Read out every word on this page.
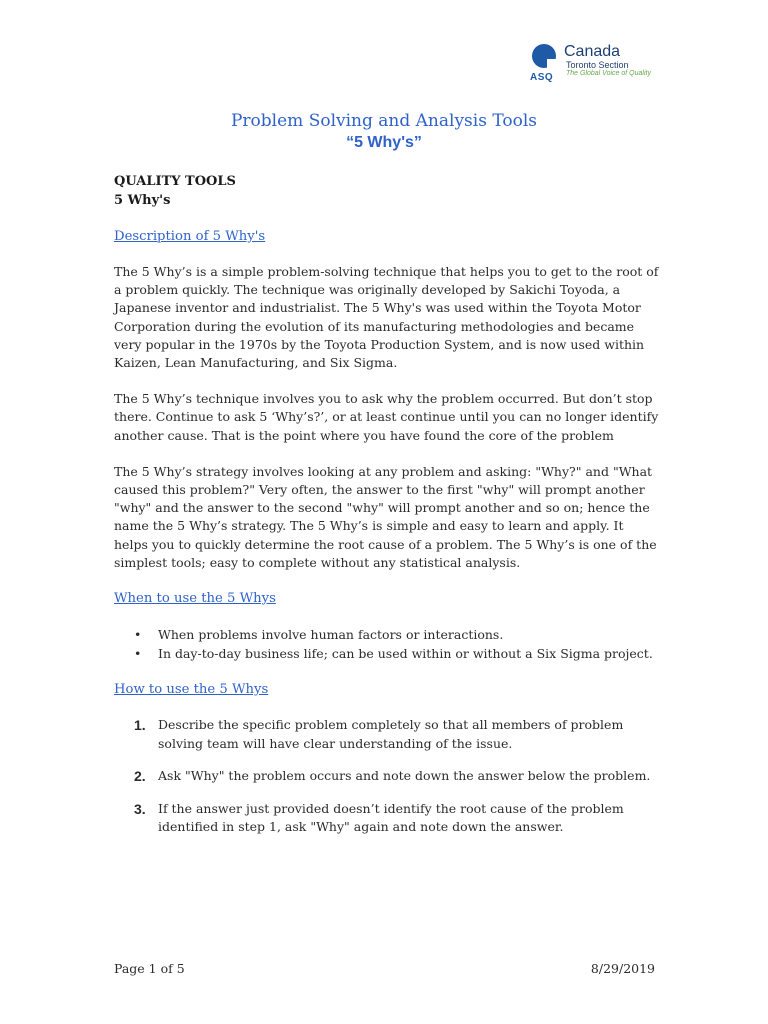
ASQ
Canada
Toronto Section
The Global Voice of Quality
Problem Solving and Analysis Tools
“5 Why's”
QUALITY TOOLS
5 Why's
Description of 5 Why's

The 5 Why’s is a simple problem-solving technique that helps you to get to the root of a problem quickly. The technique was originally developed by Sakichi Toyoda, a Japanese inventor and industrialist. The 5 Why's was used within the Toyota Motor Corporation during the evolution of its manufacturing methodologies and became very popular in the 1970s by the Toyota Production System, and is now used within Kaizen, Lean Manufacturing, and Six Sigma.

The 5 Why’s technique involves you to ask why the problem occurred. But don’t stop there. Continue to ask 5 ‘Why’s?’, or at least continue until you can no longer identify another cause. That is the point where you have found the core of the problem

The 5 Why’s strategy involves looking at any problem and asking: "Why?" and "What caused this problem?" Very often, the answer to the first "why" will prompt another "why" and the answer to the second "why" will prompt another and so on; hence the name the 5 Why’s strategy. The 5 Why’s is simple and easy to learn and apply. It helps you to quickly determine the root cause of a problem. The 5 Why’s is one of the simplest tools; easy to complete without any statistical analysis.

When to use the 5 Whys
• When problems involve human factors or interactions.
• In day-to-day business life; can be used within or without a Six Sigma project.
How to use the 5 Whys
1. Describe the specific problem completely so that all members of problem solving team will have clear understanding of the issue.
2. Ask "Why" the problem occurs and note down the answer below the problem.
3. If the answer just provided doesn’t identify the root cause of the problem identified in step 1, ask "Why" again and note down the answer.
Page 1 of 5	8/29/2019
